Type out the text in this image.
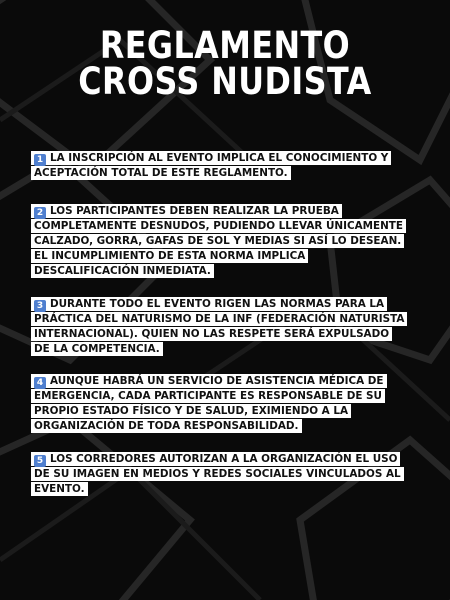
REGLAMENTO
CROSS NUDISTA
1 LA INSCRIPCIÓN AL EVENTO IMPLICA EL CONOCIMIENTO Y ACEPTACIÓN TOTAL DE ESTE REGLAMENTO.
2 LOS PARTICIPANTES DEBEN REALIZAR LA PRUEBA COMPLETAMENTE DESNUDOS, PUDIENDO LLEVAR ÚNICAMENTE CALZADO, GORRA, GAFAS DE SOL Y MEDIAS SI ASÍ LO DESEAN. EL INCUMPLIMIENTO DE ESTA NORMA IMPLICA DESCALIFICACIÓN INMEDIATA.
3 DURANTE TODO EL EVENTO RIGEN LAS NORMAS PARA LA PRÁCTICA DEL NATURISMO DE LA INF (FEDERACIÓN NATURISTA INTERNACIONAL). QUIEN NO LAS RESPETE SERÁ EXPULSADO DE LA COMPETENCIA.
4 AUNQUE HABRÁ UN SERVICIO DE ASISTENCIA MÉDICA DE EMERGENCIA, CADA PARTICIPANTE ES RESPONSABLE DE SU PROPIO ESTADO FÍSICO Y DE SALUD, EXIMIENDO A LA ORGANIZACIÓN DE TODA RESPONSABILIDAD.
5 LOS CORREDORES AUTORIZAN A LA ORGANIZACIÓN EL USO DE SU IMAGEN EN MEDIOS Y REDES SOCIALES VINCULADOS AL EVENTO.
